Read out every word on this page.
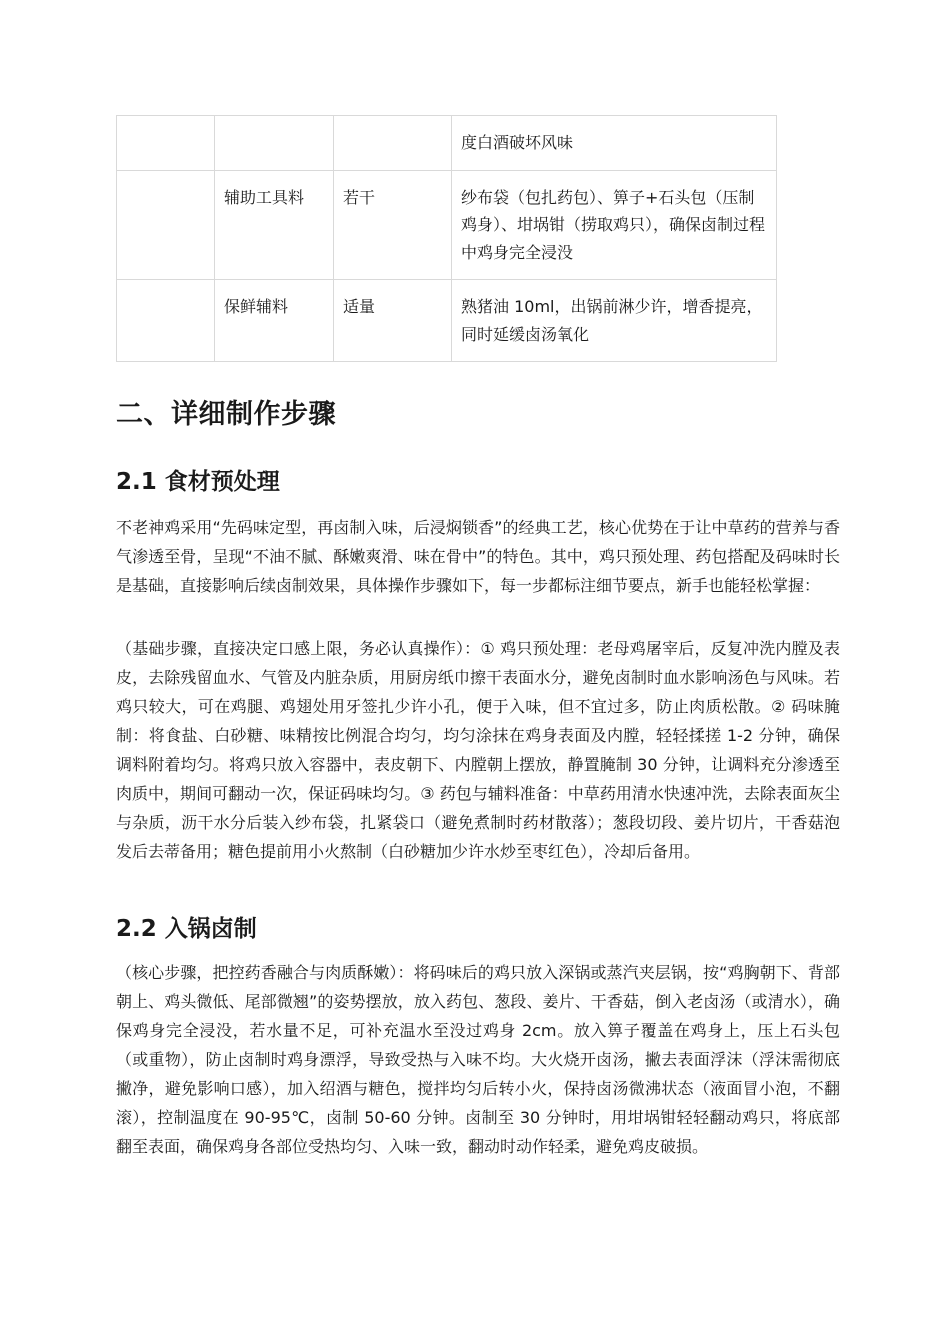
			度白酒破坏风味
	辅助工具料	若干	纱布袋（包扎药包）、箅子+石头包（压制鸡身）、坩埚钳（捞取鸡只），确保卤制过程中鸡身完全浸没
	保鲜辅料	适量	熟猪油 10ml，出锅前淋少许，增香提亮，同时延缓卤汤氧化
二、详细制作步骤
2.1 食材预处理

不老神鸡采用“先码味定型，再卤制入味，后浸焖锁香”的经典工艺，核心优势在于让中草药的营养与香气渗透至骨，呈现“不油不腻、酥嫩爽滑、味在骨中”的特色。其中，鸡只预处理、药包搭配及码味时长是基础，直接影响后续卤制效果，具体操作步骤如下，每一步都标注细节要点，新手也能轻松掌握：

（基础步骤，直接决定口感上限，务必认真操作）：① 鸡只预处理：老母鸡屠宰后，反复冲洗内膛及表皮，去除残留血水、气管及内脏杂质，用厨房纸巾擦干表面水分，避免卤制时血水影响汤色与风味。若鸡只较大，可在鸡腿、鸡翅处用牙签扎少许小孔，便于入味，但不宜过多，防止肉质松散。② 码味腌制：将食盐、白砂糖、味精按比例混合均匀，均匀涂抹在鸡身表面及内膛，轻轻揉搓 1-2 分钟，确保调料附着均匀。将鸡只放入容器中，表皮朝下、内膛朝上摆放，静置腌制 30 分钟，让调料充分渗透至肉质中，期间可翻动一次，保证码味均匀。③ 药包与辅料准备：中草药用清水快速冲洗，去除表面灰尘与杂质，沥干水分后装入纱布袋，扎紧袋口（避免煮制时药材散落）；葱段切段、姜片切片，干香菇泡发后去蒂备用；糖色提前用小火熬制（白砂糖加少许水炒至枣红色），冷却后备用。

2.2 入锅卤制

（核心步骤，把控药香融合与肉质酥嫩）：将码味后的鸡只放入深锅或蒸汽夹层锅，按“鸡胸朝下、背部朝上、鸡头微低、尾部微翘”的姿势摆放，放入药包、葱段、姜片、干香菇，倒入老卤汤（或清水），确保鸡身完全浸没，若水量不足，可补充温水至没过鸡身 2cm。放入箅子覆盖在鸡身上，压上石头包（或重物），防止卤制时鸡身漂浮，导致受热与入味不均。大火烧开卤汤，撇去表面浮沫（浮沫需彻底撇净，避免影响口感），加入绍酒与糖色，搅拌均匀后转小火，保持卤汤微沸状态（液面冒小泡，不翻滚），控制温度在 90-95℃，卤制 50-60 分钟。卤制至 30 分钟时，用坩埚钳轻轻翻动鸡只，将底部翻至表面，确保鸡身各部位受热均匀、入味一致，翻动时动作轻柔，避免鸡皮破损。
